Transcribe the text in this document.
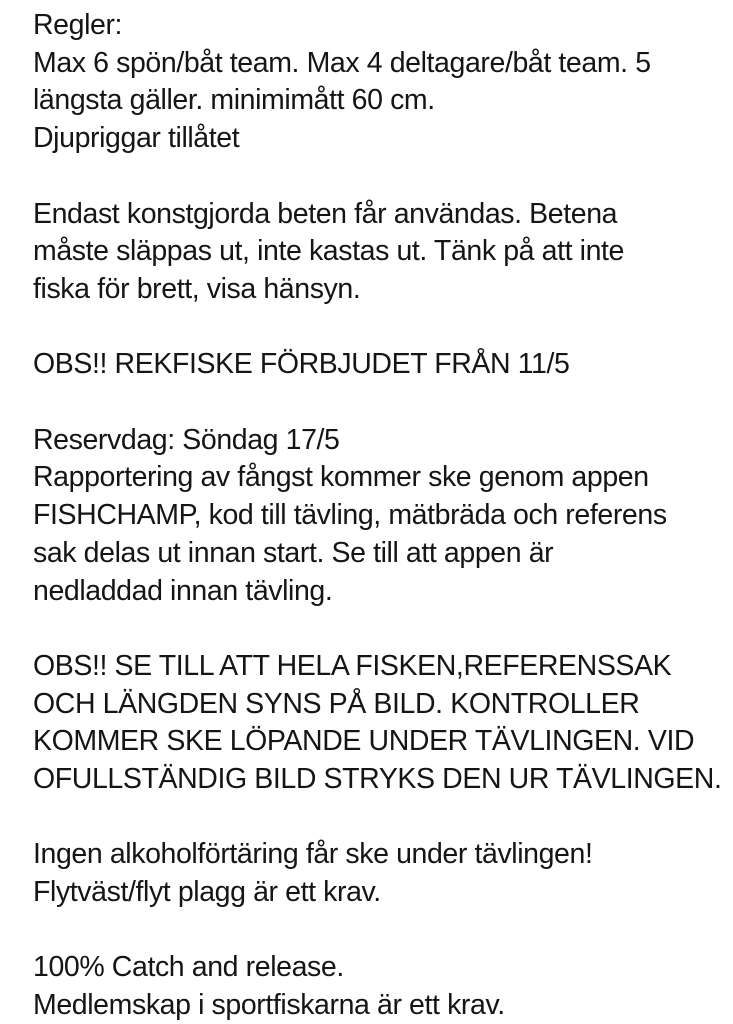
Regler:
Max 6 spön/båt team. Max 4 deltagare/båt team. 5
längsta gäller. minimimått 60 cm.
Djupriggar tillåtet
Endast konstgjorda beten får användas. Betena
måste släppas ut, inte kastas ut. Tänk på att inte
fiska för brett, visa hänsyn.
OBS!! REKFISKE FÖRBJUDET FRÅN 11/5
Reservdag: Söndag 17/5
Rapportering av fångst kommer ske genom appen
FISHCHAMP, kod till tävling, mätbräda och referens
sak delas ut innan start. Se till att appen är
nedladdad innan tävling.
OBS!! SE TILL ATT HELA FISKEN,REFERENSSAK
OCH LÄNGDEN SYNS PÅ BILD. KONTROLLER
KOMMER SKE LÖPANDE UNDER TÄVLINGEN. VID
OFULLSTÄNDIG BILD STRYKS DEN UR TÄVLINGEN.
Ingen alkoholförtäring får ske under tävlingen!
Flytväst/flyt plagg är ett krav.
100% Catch and release.
Medlemskap i sportfiskarna är ett krav.
